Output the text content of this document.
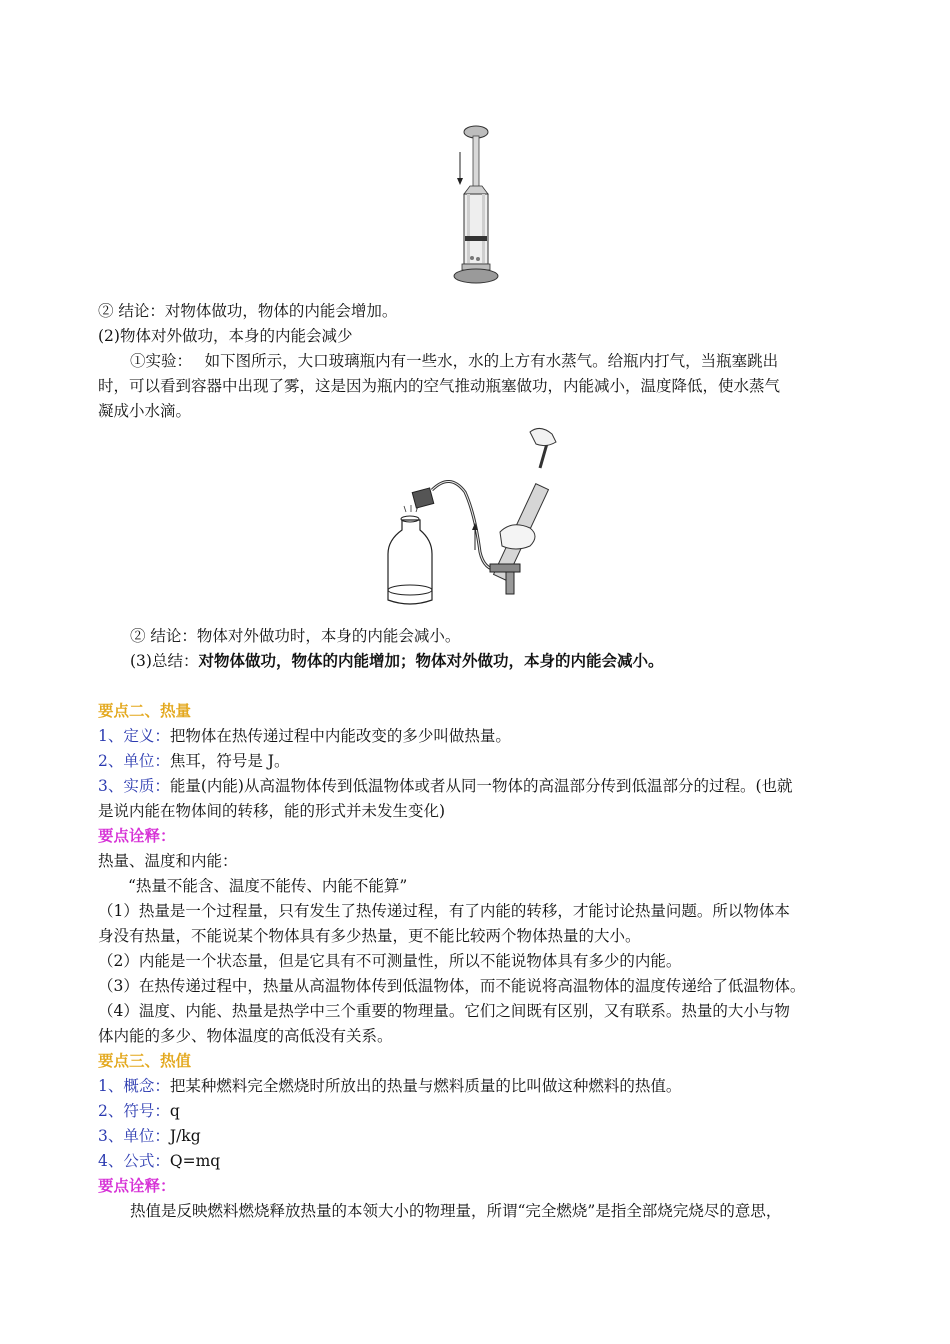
② 结论：对物体做功，物体的内能会增加。
(2)物体对外做功，本身的内能会减少
①实验：　 如下图所示，大口玻璃瓶内有一些水，水的上方有水蒸气。给瓶内打气，当瓶塞跳出
时，可以看到容器中出现了雾，这是因为瓶内的空气推动瓶塞做功，内能减小，温度降低，使水蒸气
凝成小水滴。
② 结论：物体对外做功时，本身的内能会减小。
(3)总结：对物体做功，物体的内能增加；物体对外做功，本身的内能会减小。
要点二、热量
1、定义：把物体在热传递过程中内能改变的多少叫做热量。
2、单位：焦耳，符号是 J。
3、实质：能量(内能)从高温物体传到低温物体或者从同一物体的高温部分传到低温部分的过程。(也就
是说内能在物体间的转移，能的形式并未发生变化)
要点诠释：
热量、温度和内能：
“热量不能含、温度不能传、内能不能算”
（1）热量是一个过程量，只有发生了热传递过程，有了内能的转移，才能讨论热量问题。所以物体本
身没有热量，不能说某个物体具有多少热量，更不能比较两个物体热量的大小。
（2）内能是一个状态量，但是它具有不可测量性，所以不能说物体具有多少的内能。
（3）在热传递过程中，热量从高温物体传到低温物体，而不能说将高温物体的温度传递给了低温物体。
（4）温度、内能、热量是热学中三个重要的物理量。它们之间既有区别，又有联系。热量的大小与物
体内能的多少、物体温度的高低没有关系。
要点三、热值
1、概念：把某种燃料完全燃烧时所放出的热量与燃料质量的比叫做这种燃料的热值。
2、符号：q
3、单位：J/kg
4、公式：Q=mq
要点诠释：
热值是反映燃料燃烧释放热量的本领大小的物理量，所谓“完全燃烧”是指全部烧完烧尽的意思，
